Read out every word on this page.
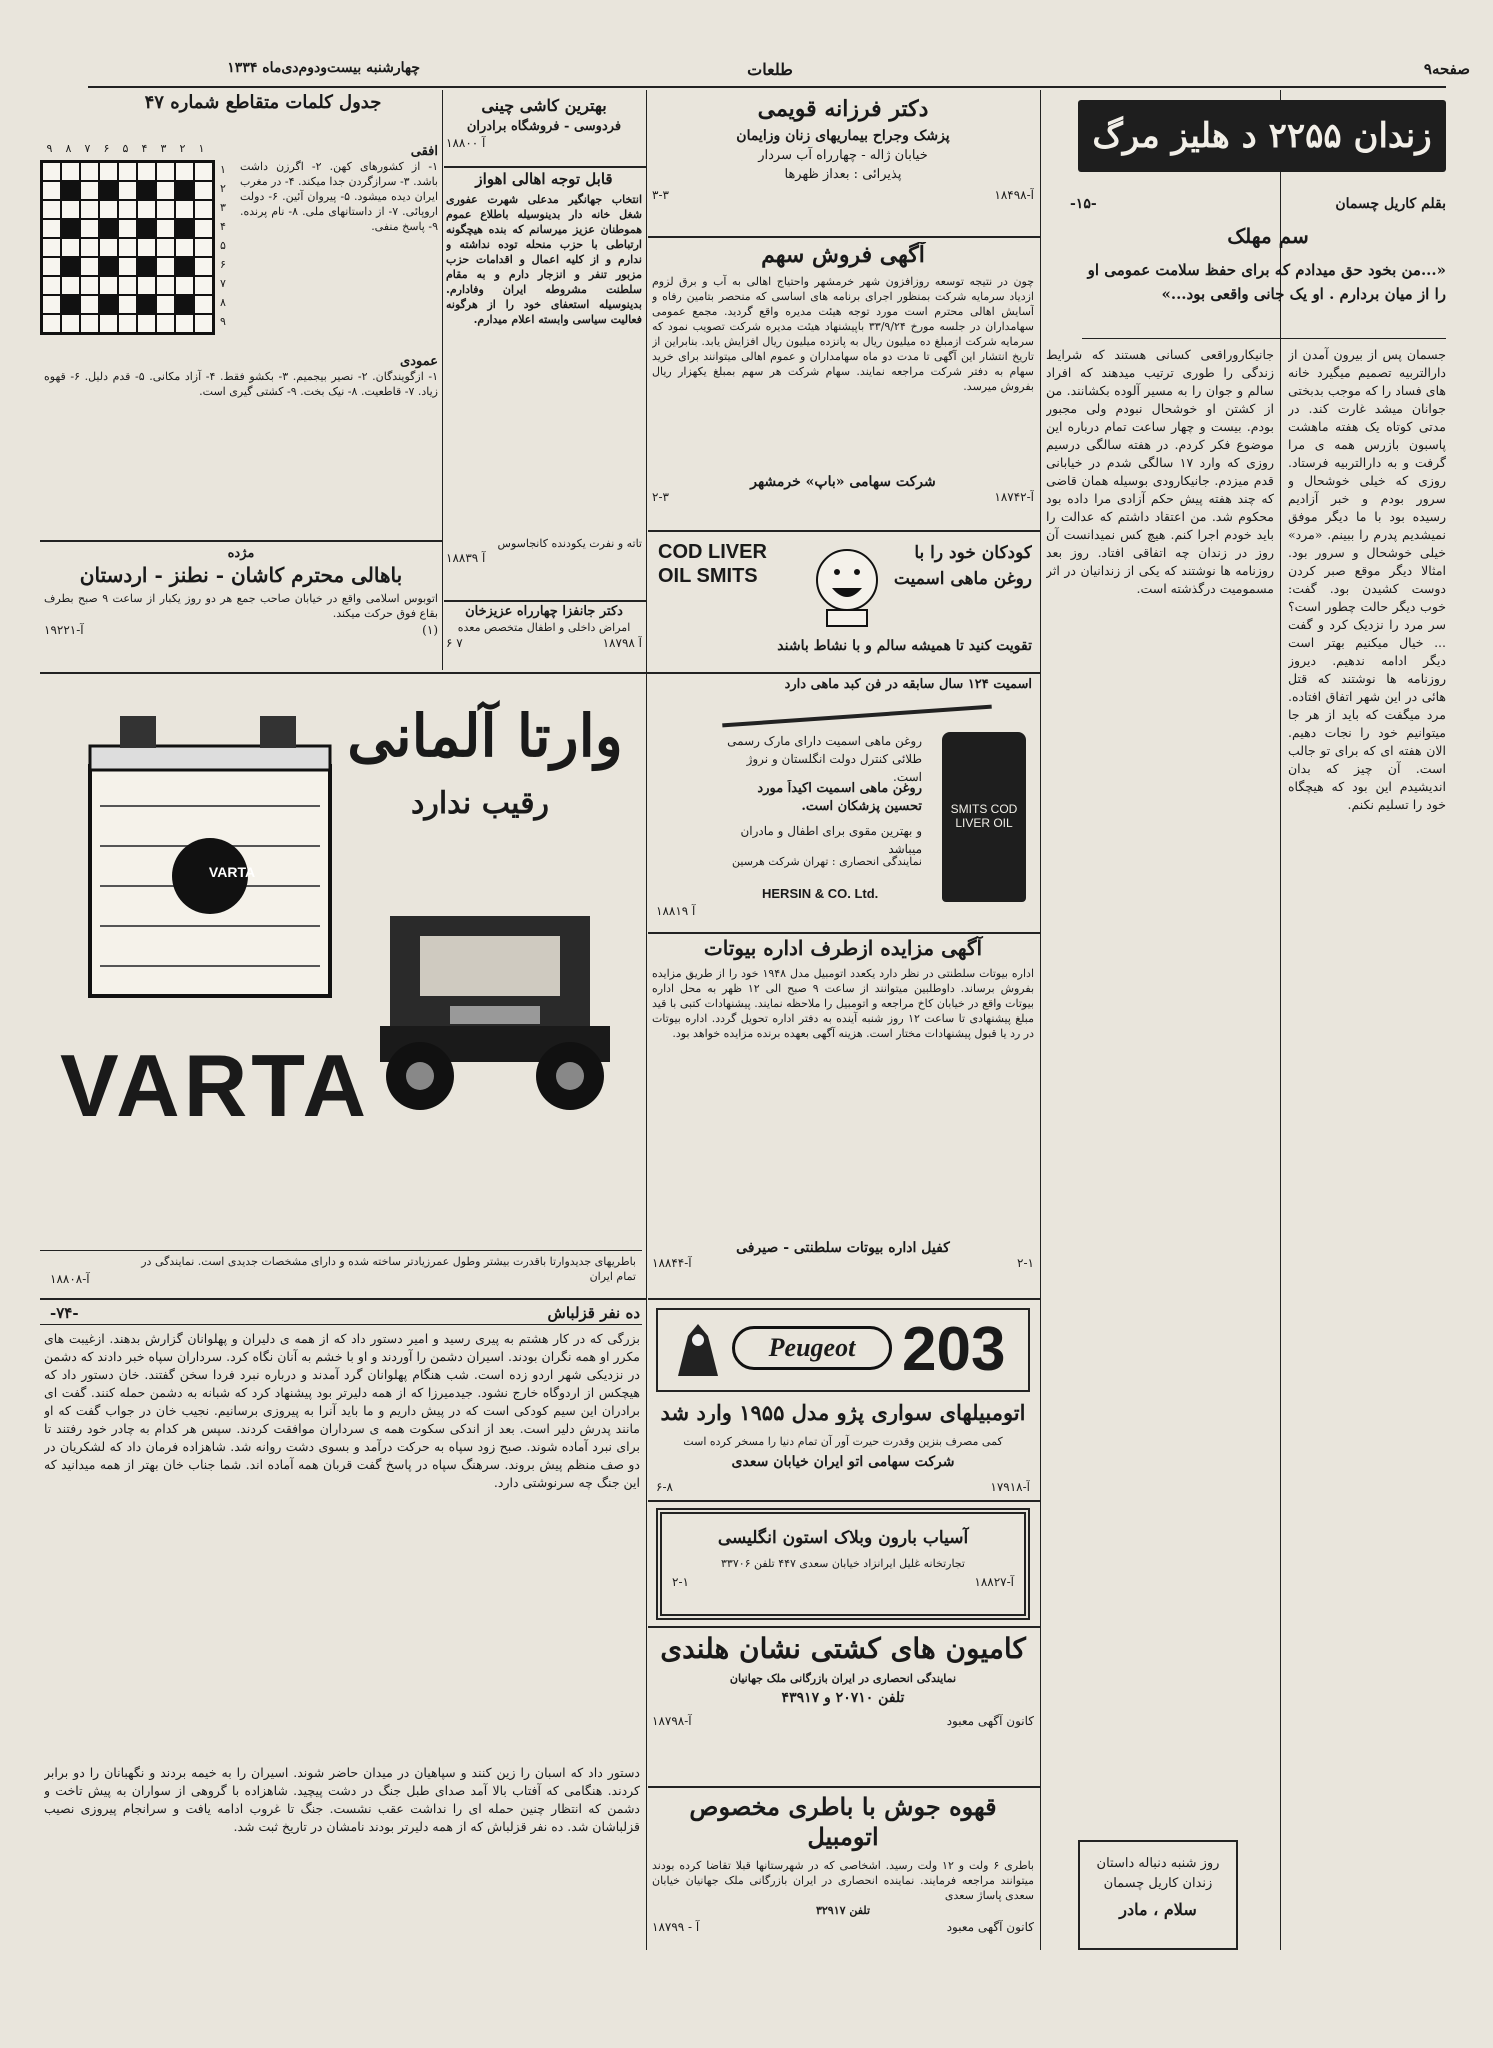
صفحه۹
طلعات
چهارشنبه بیست‌ودوم‌دی‌ماه ۱۳۳۴
زندان ۲۲۵۵ د هلیز مرگ
بقلم کاریل چسمان
-۱۵-
سم مهلک
«...من بخود حق میدادم که برای حفظ سلامت عمومی او را از میان بردارم . او یک جانی واقعی بود...»
جسمان پس از بیرون آمدن از دارالتربیه تصمیم میگیرد خانه های فساد را که موجب بدبختی جوانان میشد غارت کند. در مدتی کوتاه یک هفته ماهشت پاسبون بازرس همه ی مرا گرفت و به دارالتربیه فرستاد. روزی که خیلی خوشحال و سرور بودم و خبر آزادیم رسیده بود با ما دیگر موفق نمیشدیم پدرم را ببینم. «مرد» خیلی خوشحال و سرور بود. امثالا دیگر موقع صبر کردن دوست کشیدن بود. گفت: خوب دیگر حالت چطور است؟ سر مرد را نزدیک کرد و گفت ... خیال میکنیم بهتر است دیگر ادامه ندهیم. دیروز روزنامه ها نوشتند که قتل هائی در این شهر اتفاق افتاده. مرد میگفت که باید از هر جا میتوانیم خود را نجات دهیم. الان هفته ای که برای تو جالب است. آن چیز که بدان اندیشیدم این بود که هیچگاه خود را تسلیم نکنم.
جانیکاروراقعی کسانی هستند که شرایط زندگی را طوری ترتیب میدهند که افراد سالم و جوان را به مسیر آلوده بکشانند. من از کشتن او خوشحال نبودم ولی مجبور بودم. بیست و چهار ساعت تمام درباره این موضوع فکر کردم. در هفته سالگی درسیم روزی که وارد ۱۷ سالگی شدم در خیابانی قدم میزدم. جانیکارودی بوسیله همان قاضی که چند هفته پیش حکم آزادی مرا داده بود محکوم شد. من اعتقاد داشتم که عدالت را باید خودم اجرا کنم. هیچ کس نمیدانست آن روز در زندان چه اتفاقی افتاد. روز بعد روزنامه ها نوشتند که یکی از زندانیان در اثر مسمومیت درگذشته است.
روز شنبه دنباله داستان زندان کاریل چسمان
سلام ، مادر
دکتر فرزانه قویمی
پزشک وجراح بیماریهای زنان وزایمان
خیابان ژاله - چهارراه آب سردار
پذیرائی : بعداز ظهرها
آ-۱۸۴۹۸
۳-۳
آگهی فروش سهم
چون در نتیجه توسعه روزافزون شهر خرمشهر واحتیاج اهالی به آب و برق لزوم ازدیاد سرمایه شرکت بمنظور اجرای برنامه های اساسی که منحصر بتامین رفاه و آسایش اهالی محترم است مورد توجه هیئت مدیره واقع گردید. مجمع عمومی سهامداران در جلسه مورخ ۳۳/۹/۲۴ باپیشنهاد هیئت مدیره شرکت تصویب نمود که سرمایه شرکت ازمبلغ ده میلیون ریال به پانزده میلیون ریال افزایش یابد. بنابراین از تاریخ انتشار این آگهی تا مدت دو ماه سهامداران و عموم اهالی میتوانند برای خرید سهام به دفتر شرکت مراجعه نمایند. سهام شرکت هر سهم بمبلغ یکهزار ریال بفروش میرسد.
شرکت سهامی «باپ» خرمشهر
آ-۱۸۷۴۲
۲-۳
COD LIVER OIL SMITS
کودکان خود را با روغن ماهی اسمیت
تقویت کنید تا همیشه سالم و با نشاط باشند
اسمیت ۱۲۴ سال سابقه در فن کبد ماهی دارد
روغن ماهی اسمیت دارای مارک رسمی طلائی کنترل دولت انگلستان و نروژ است.
روغن ماهی اسمیت اکیداً مورد تحسین پزشکان است.
و بهترین مقوی برای اطفال و مادران میباشد
نمایندگی انحصاری : تهران شرکت هرسین
HERSIN & CO. Ltd.
SMITS COD LIVER OIL
آ ۱۸۸۱۹
بهترین کاشی چینی
فردوسی - فروشگاه برادران
آ ۱۸۸۰۰
قابل توجه اهالی اهواز
انتخاب جهانگیر مدعلی شهرت عفوری شغل خانه دار بدینوسیله باطلاع عموم هموطنان عزیز میرسانم که بنده هیچگونه ارتباطی با حزب منحله توده نداشته و ندارم و از کلیه اعمال و اقدامات حزب مزبور تنفر و انزجار دارم و به مقام سلطنت مشروطه ایران وفادارم. بدینوسیله استعفای خود را از هرگونه فعالیت سیاسی وابسته اعلام میدارم.
تاته و نفرت یکودنده کانجاسوس
آ ۱۸۸۳۹
دکتر جانفزا چهارراه عزیزخان
امراض داخلی و اطفال متخصص معده
آ ۱۸۷۹۸
۷ ۶
جدول کلمات متقاطع شماره ۴۷
۹	۸	۷	۶	۵	۴	۳	۲	۱
۱
۲
۳
۴
۵
۶
۷
۸
۹
افقی
۱- از کشورهای کهن. ۲- اگرزن داشت باشد. ۳- سرازگردن جدا میکند. ۴- در مغرب ایران دیده میشود. ۵- پیروان آئین. ۶- دولت اروپائی. ۷- از داستانهای ملی. ۸- نام پرنده. ۹- پاسخ منفی.
عمودی
۱- ازگویندگان. ۲- نصیر بیجمیم. ۳- بکشو فقط. ۴- آزاد مکانی. ۵- قدم دلیل. ۶- قهوه زیاد. ۷- قاطعیت. ۸- نیک بخت. ۹- کشتی گیری است.
مژده
باهالی محترم کاشان - نطنز - اردستان
اتوبوس اسلامی واقع در خیابان صاحب جمع هر دو روز یکبار از ساعت ۹ صبح بطرف بقاع فوق حرکت میکند.
(۱)
آ-۱۹۲۲۱
وارتا آلمانی
رقیب ندارد
VARTA
VARTA
باطریهای جدیدوارتا باقدرت بیشتر وطول عمرزیادتر ساخته شده و دارای مشخصات جدیدی است. نمایندگی در تمام ایران
آ-۱۸۸۰۸
آگهی مزایده ازطرف اداره بیوتات
اداره بیوتات سلطنتی در نظر دارد یکعدد اتومبیل مدل ۱۹۴۸ خود را از طریق مزایده بفروش برساند. داوطلبین میتوانند از ساعت ۹ صبح الی ۱۲ ظهر به محل اداره بیوتات واقع در خیابان کاخ مراجعه و اتومبیل را ملاحظه نمایند. پیشنهادات کتبی با قید مبلغ پیشنهادی تا ساعت ۱۲ روز شنبه آینده به دفتر اداره تحویل گردد. اداره بیوتات در رد یا قبول پیشنهادات مختار است. هزینه آگهی بعهده برنده مزایده خواهد بود.
کفیل اداره بیوتات سلطنتی - صیرفی
۲-۱
آ-۱۸۸۴۴
Peugeot 203
اتومبیلهای سواری پژو مدل ۱۹۵۵ وارد شد
کمی مصرف بنزین وقدرت حیرت آور آن تمام دنیا را مسخر کرده است
شرکت سهامی اتو ایران خیابان سعدی
۶-۸	آ-۱۷۹۱۸
آسیاب بارون وبلاک استون انگلیسی
تجارتخانه غلیل ایرانزاد خیابان سعدی ۴۴۷ تلفن ۳۳۷۰۶
۲-۱	آ-۱۸۸۲۷
کامیون های کشتی نشان هلندی
نمایندگی انحصاری در ایران بازرگانی ملک جهانیان
تلفن ۲۰۷۱۰ و ۴۳۹۱۷
کانون آگهی معبود
آ-۱۸۷۹۸
قهوه جوش با باطری مخصوص اتومبیل
باطری ۶ ولت و ۱۲ ولت رسید. اشخاصی که در شهرستانها قبلا تقاضا کرده بودند میتوانند مراجعه فرمایند. نماینده انحصاری در ایران بازرگانی ملک جهانیان خیابان سعدی پاساژ سعدی
تلفن ۳۲۹۱۷
کانون آگهی معبود
آ - ۱۸۷۹۹
ده نفر قزلباش
-۷۴-
بزرگی که در کار هشتم به پیری رسید و امیر دستور داد که از همه ی دلیران و پهلوانان گزارش بدهند. ازغیبت های مکرر او همه نگران بودند. اسیران دشمن را آوردند و او با خشم به آنان نگاه کرد. سرداران سپاه خبر دادند که دشمن در نزدیکی شهر اردو زده است. شب هنگام پهلوانان گرد آمدند و درباره نبرد فردا سخن گفتند. خان دستور داد که هیچکس از اردوگاه خارج نشود. جیدمیرزا که از همه دلیرتر بود پیشنهاد کرد که شبانه به دشمن حمله کنند. گفت ای برادران این سیم کودکی است که در پیش داریم و ما باید آنرا به پیروزی برسانیم. نجیب خان در جواب گفت که او مانند پدرش دلیر است. بعد از اندکی سکوت همه ی سرداران موافقت کردند. سپس هر کدام به چادر خود رفتند تا برای نبرد آماده شوند. صبح زود سپاه به حرکت درآمد و بسوی دشت روانه شد. شاهزاده فرمان داد که لشکریان در دو صف منظم پیش بروند. سرهنگ سپاه در پاسخ گفت قربان همه آماده اند. شما جناب خان بهتر از همه میدانید که این جنگ چه سرنوشتی دارد.
دستور داد که اسبان را زین کنند و سپاهیان در میدان حاضر شوند. اسیران را به خیمه بردند و نگهبانان را دو برابر کردند. هنگامی که آفتاب بالا آمد صدای طبل جنگ در دشت پیچید. شاهزاده با گروهی از سواران به پیش تاخت و دشمن که انتظار چنین حمله ای را نداشت عقب نشست. جنگ تا غروب ادامه یافت و سرانجام پیروزی نصیب قزلباشان شد. ده نفر قزلباش که از همه دلیرتر بودند نامشان در تاریخ ثبت شد.
